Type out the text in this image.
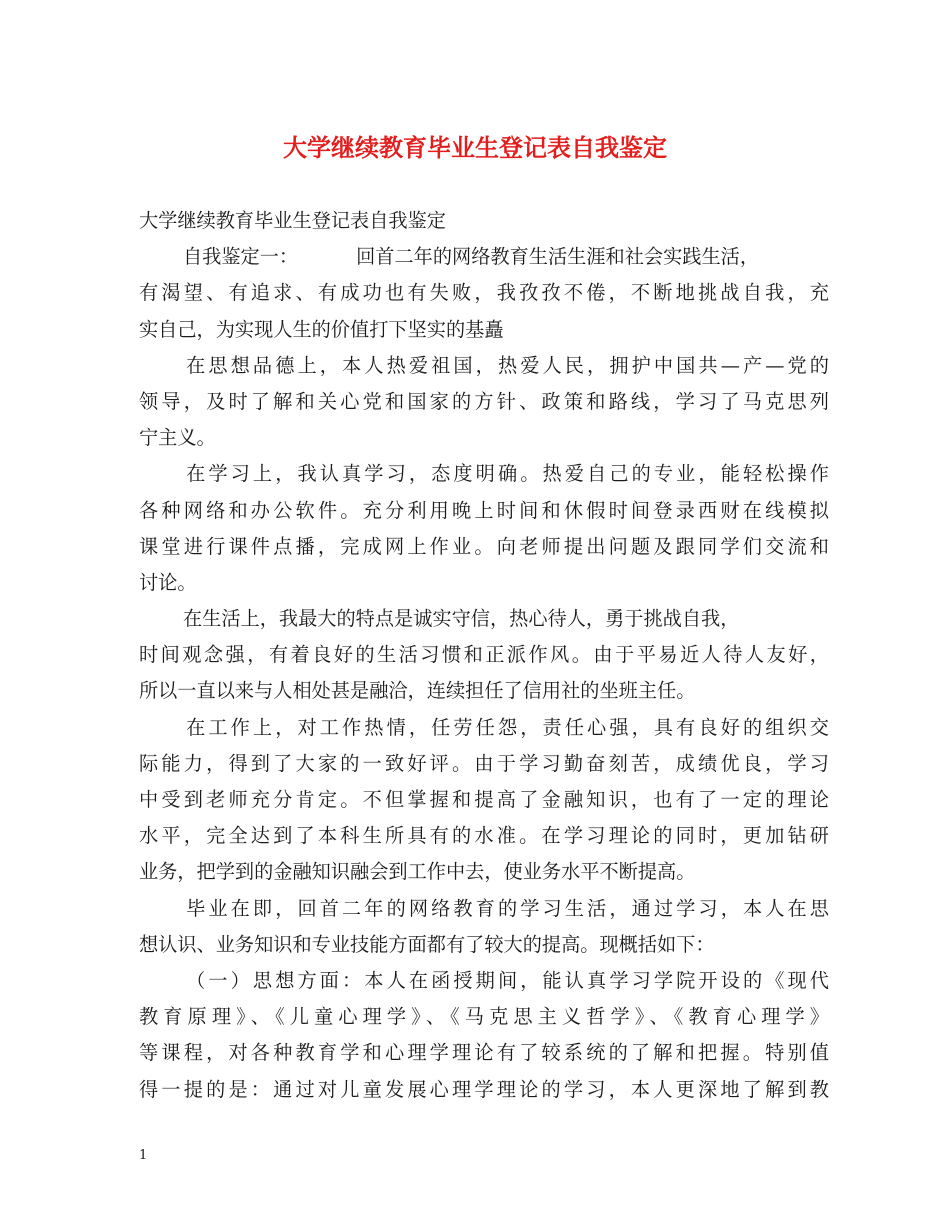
大学继续教育毕业生登记表自我鉴定
大学继续教育毕业生登记表自我鉴定
自我鉴定一：	回首二年的网络教育生活生涯和社会实践生活，
有渴望、有追求、有成功也有失败，我孜孜不倦，不断地挑战自我，充
实自己，为实现人生的价值打下坚实的基矗
在思想品德上，本人热爱祖国，热爱人民，拥护中国共—产—党的
领导，及时了解和关心党和国家的方针、政策和路线，学习了马克思列
宁主义。
在学习上，我认真学习，态度明确。热爱自己的专业，能轻松操作
各种网络和办公软件。充分利用晚上时间和休假时间登录西财在线模拟
课堂进行课件点播，完成网上作业。向老师提出问题及跟同学们交流和
讨论。
在生活上，我最大的特点是诚实守信，热心待人，勇于挑战自我，
时间观念强，有着良好的生活习惯和正派作风。由于平易近人待人友好，
所以一直以来与人相处甚是融洽，连续担任了信用社的坐班主任。
在工作上，对工作热情，任劳任怨，责任心强，具有良好的组织交
际能力，得到了大家的一致好评。由于学习勤奋刻苦，成绩优良，学习
中受到老师充分肯定。不但掌握和提高了金融知识，也有了一定的理论
水平，完全达到了本科生所具有的水准。在学习理论的同时，更加钻研
业务，把学到的金融知识融会到工作中去，使业务水平不断提高。
毕业在即，回首二年的网络教育的学习生活，通过学习，本人在思
想认识、业务知识和专业技能方面都有了较大的提高。现概括如下：
（一）思想方面：本人在函授期间，能认真学习学院开设的《现代
教育原理》、《儿童心理学》、《马克思主义哲学》、《教育心理学》
等课程，对各种教育学和心理学理论有了较系统的了解和把握。特别值
得一提的是：通过对儿童发展心理学理论的学习，本人更深地了解到教
1
